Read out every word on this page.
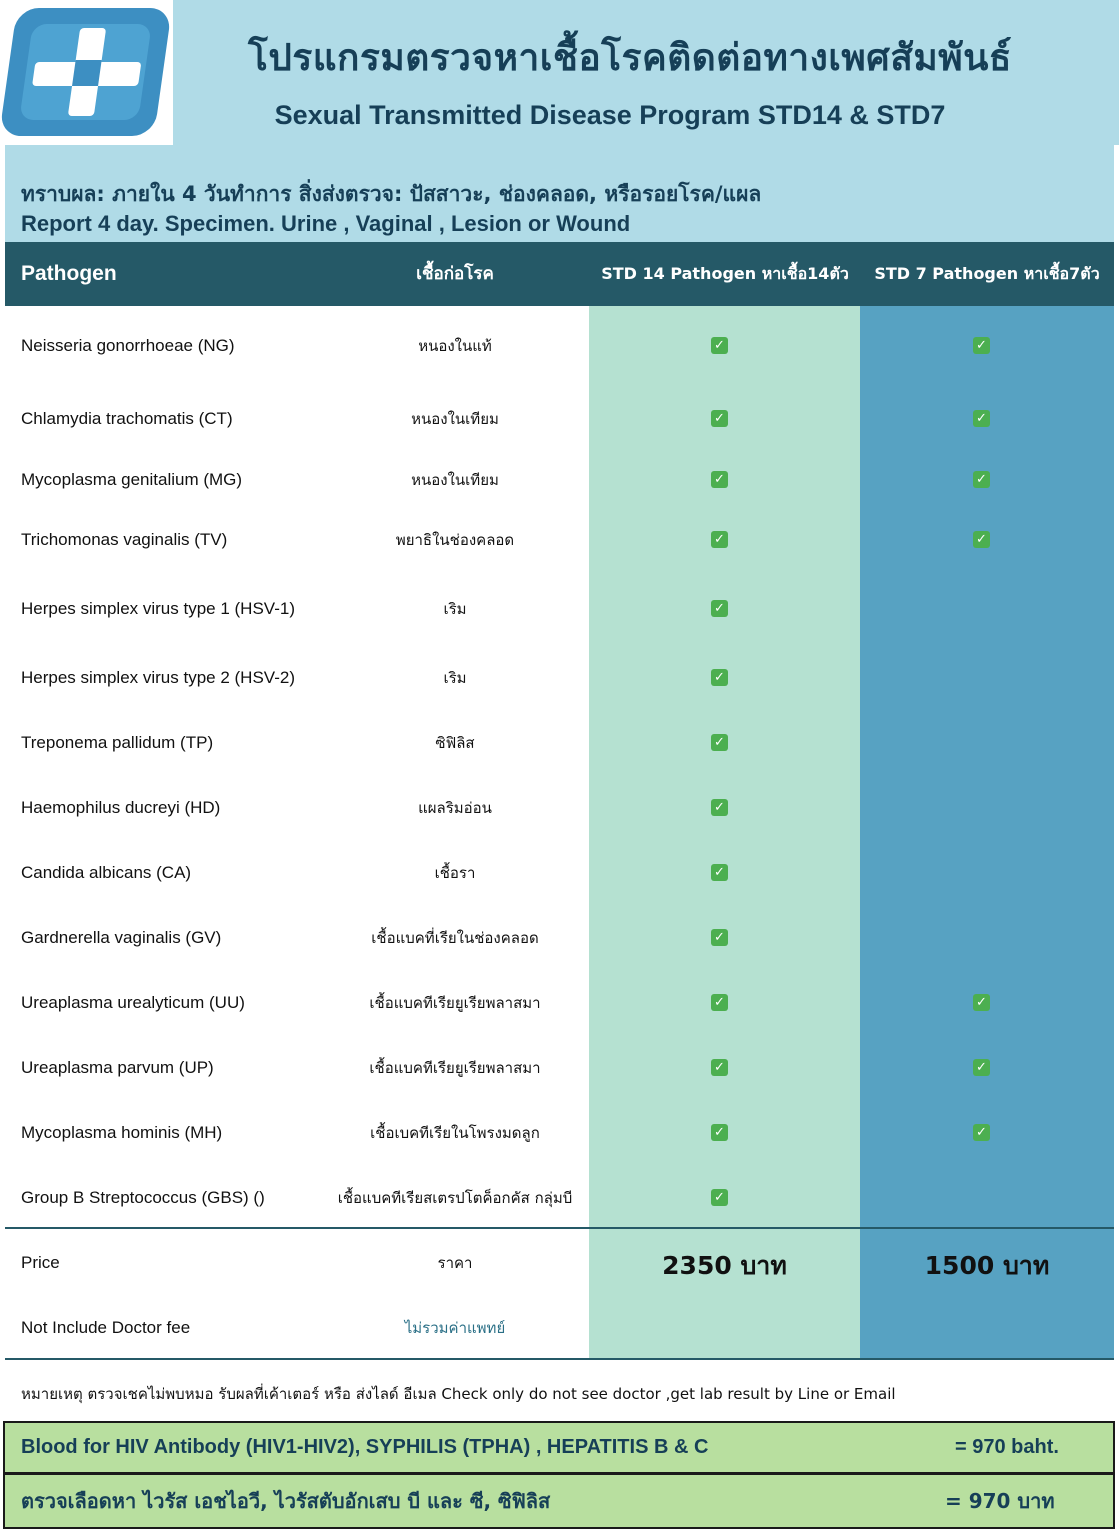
โปรแกรมตรวจหาเชื้อโรคติดต่อทางเพศสัมพันธ์
Sexual Transmitted Disease Program STD14 & STD7
ทราบผล: ภายใน 4 วันทำการ สิ่งส่งตรวจ: ปัสสาวะ, ช่องคลอด, หรือรอยโรค/แผล
Report 4 day. Specimen. Urine , Vaginal , Lesion or Wound
Pathogen	เชื้อก่อโรค	STD 14 Pathogen หาเชื้อ14ตัว	STD 7 Pathogen หาเชื้อ7ตัว
Neisseria gonorrhoeae (NG)	หนองในแท้	✓	✓
Chlamydia trachomatis (CT)	หนองในเทียม	✓	✓
Mycoplasma genitalium (MG)	หนองในเทียม	✓	✓
Trichomonas vaginalis (TV)	พยาธิในช่องคลอด	✓	✓
Herpes simplex virus type 1 (HSV-1)	เริม	✓
Herpes simplex virus type 2 (HSV-2)	เริม	✓
Treponema pallidum (TP)	ซิฟิลิส	✓
Haemophilus ducreyi (HD)	แผลริมอ่อน	✓
Candida albicans (CA)	เชื้อรา	✓
Gardnerella vaginalis (GV)	เชื้อแบคที่เรียในช่องคลอด	✓
Ureaplasma urealyticum (UU)	เชื้อแบคทีเรียยูเรียพลาสมา	✓	✓
Ureaplasma parvum (UP)	เชื้อแบคทีเรียยูเรียพลาสมา	✓	✓
Mycoplasma hominis (MH)	เชื้อเบคทีเรียในโพรงมดลูก	✓	✓
Group B Streptococcus (GBS) ()	เชื้อแบคทีเรียสเตรปโตค็อกคัส กลุ่มบี	✓
Price	ราคา	2350 บาท	1500 บาท
Not Include Doctor fee	ไม่รวมค่าแพทย์
หมายเหตุ ตรวจเชคไม่พบหมอ รับผลที่เค้าเตอร์ หรือ ส่งไลด์ อีเมล Check only do not see doctor ,get lab result by Line or Email
Blood for HIV Antibody (HIV1-HIV2), SYPHILIS (TPHA) , HEPATITIS B & C	= 970 baht.
ตรวจเลือดหา ไวรัส เอชไอวี, ไวรัสตับอักเสบ บี และ ซี, ซิฟิลิส	= 970 บาท
